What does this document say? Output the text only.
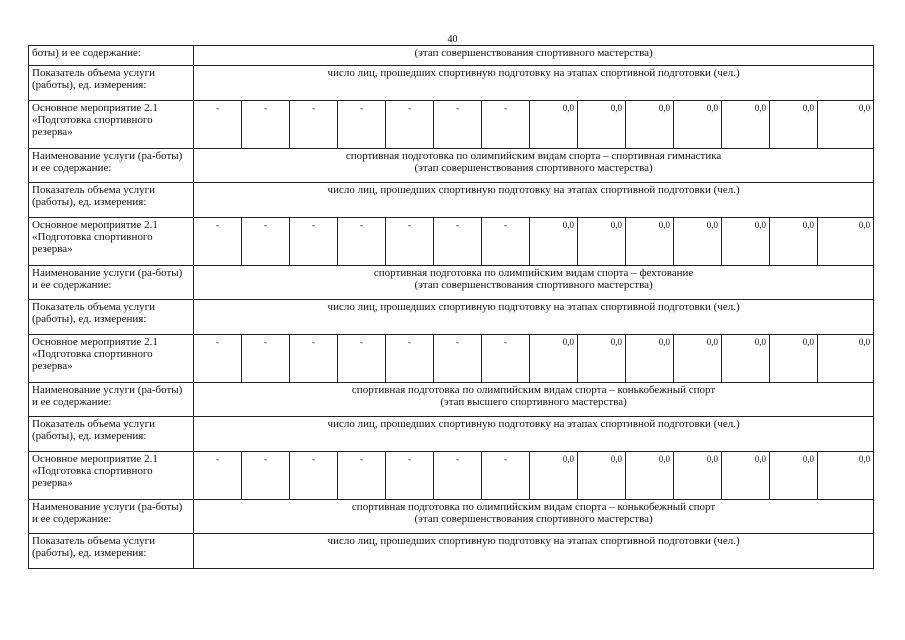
40
боты) и ее содержание:	(этап совершенствования спортивного мастерства)													

Показатель объема услуги (работы), ед. измерения:	число лиц, прошедших спортивную подготовку на этапах спортивной подготовки (чел.)													

Основное мероприятие 2.1 «Подготовка спортивного резерва»	-	-	-	-	-	-	-	0,0	0,0	0,0	0,0	0,0	0,0	0,0
Наименование услуги (ра-боты) и ее содержание:	спортивная подготовка по олимпийским видам спорта – спортивная гимнастика
(этап совершенствования спортивного мастерства)													

Показатель объема услуги (работы), ед. измерения:	число лиц, прошедших спортивную подготовку на этапах спортивной подготовки (чел.)													

Основное мероприятие 2.1 «Подготовка спортивного резерва»	-	-	-	-	-	-	-	0,0	0,0	0,0	0,0	0,0	0,0	0,0
Наименование услуги (ра-боты) и ее содержание:	спортивная подготовка по олимпийским видам спорта – фехтование
(этап совершенствования спортивного мастерства)													

Показатель объема услуги (работы), ед. измерения:	число лиц, прошедших спортивную подготовку на этапах спортивной подготовки (чел.)													

Основное мероприятие 2.1 «Подготовка спортивного резерва»	-	-	-	-	-	-	-	0,0	0,0	0,0	0,0	0,0	0,0	0,0
Наименование услуги (ра-боты) и ее содержание:	спортивная подготовка по олимпийским видам спорта – конькобежный спорт
(этап высшего спортивного мастерства)													

Показатель объема услуги (работы), ед. измерения:	число лиц, прошедших спортивную подготовку на этапах спортивной подготовки (чел.)													

Основное мероприятие 2.1 «Подготовка спортивного резерва»	-	-	-	-	-	-	-	0,0	0,0	0,0	0,0	0,0	0,0	0,0
Наименование услуги (ра-боты) и ее содержание:	спортивная подготовка по олимпийским видам спорта – конькобежный спорт
(этап совершенствования спортивного мастерства)													

Показатель объема услуги (работы), ед. измерения:	число лиц, прошедших спортивную подготовку на этапах спортивной подготовки (чел.)													
